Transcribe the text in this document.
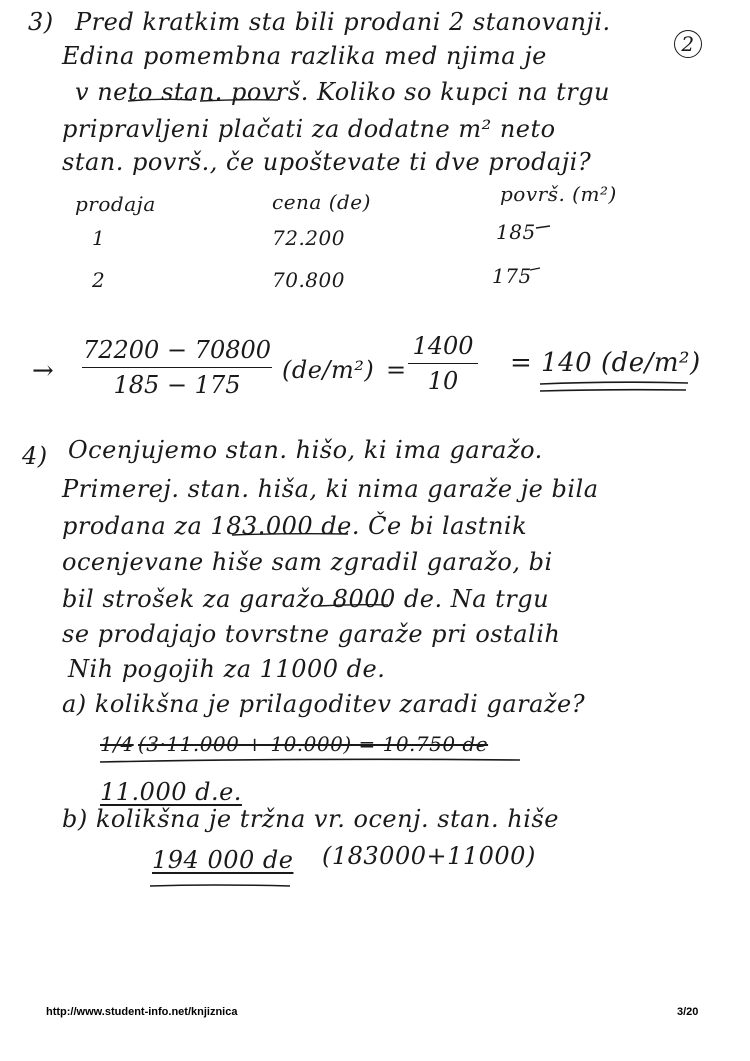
3) Pred kratkim sta bili prodani 2 stanovanji.
2
Edina pomembna razlika med njima je
v neto stan. površ. Koliko so kupci na trgu
pripravljeni plačati za dodatne m² neto
stan. površ., če upoštevate ti dve prodaji?
prodaja	cena (de)	površ. (m²)
1	72.200	185
2	70.800	175
→
72200 − 70800
185 − 175
(de/m²) =
1400
10
= 140 (de/m²)
4) Ocenjujemo stan. hišo, ki ima garažo.
Primerej. stan. hiša, ki nima garaže je bila
prodana za 183.000 de. Če bi lastnik
ocenjevane hiše sam zgradil garažo, bi
bil strošek za garažo 8000 de. Na trgu
se prodajajo tovrstne garaže pri ostalih
Nih pogojih za 11000 de.
a) kolikšna je prilagoditev zaradi garaže?
1/4 (3·11.000 + 10.000) = 10.750 de
11.000 d.e.
b) kolikšna je tržna vr. ocenj. stan. hiše
194 000 de (183000+11000)
http://www.student-info.net/knjiznica	3/20
